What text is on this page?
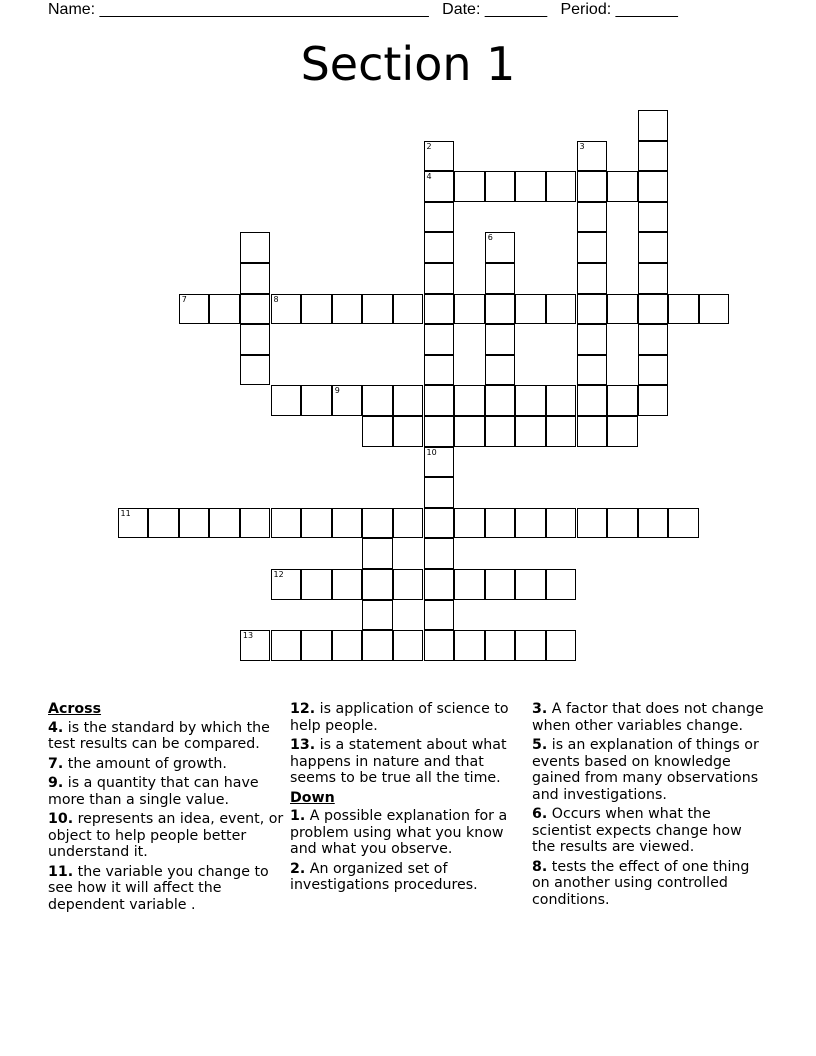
Name: _____________________________________   Date: _______   Period: _______
Section 1
2
4
10
3
6
7	8
9
11
12
13
Across
4. is the standard by which the test results can be compared.
7. the amount of growth.
9. is a quantity that can have more than a single value.
10. represents an idea, event, or object to help people better understand it.
11. the variable you change to see how it will affect the dependent variable .
12. is application of science to help people.
13. is a statement about what happens in nature and that seems to be true all the time.
Down
1. A possible explanation for a problem using what you know and what you observe.
2. An organized set of investigations procedures.
3. A factor that does not change when other variables change.
5. is an explanation of things or events based on knowledge gained from many observations and investigations.
6. Occurs when what the scientist expects change how the results are viewed.
8. tests the effect of one thing on another using controlled conditions.
